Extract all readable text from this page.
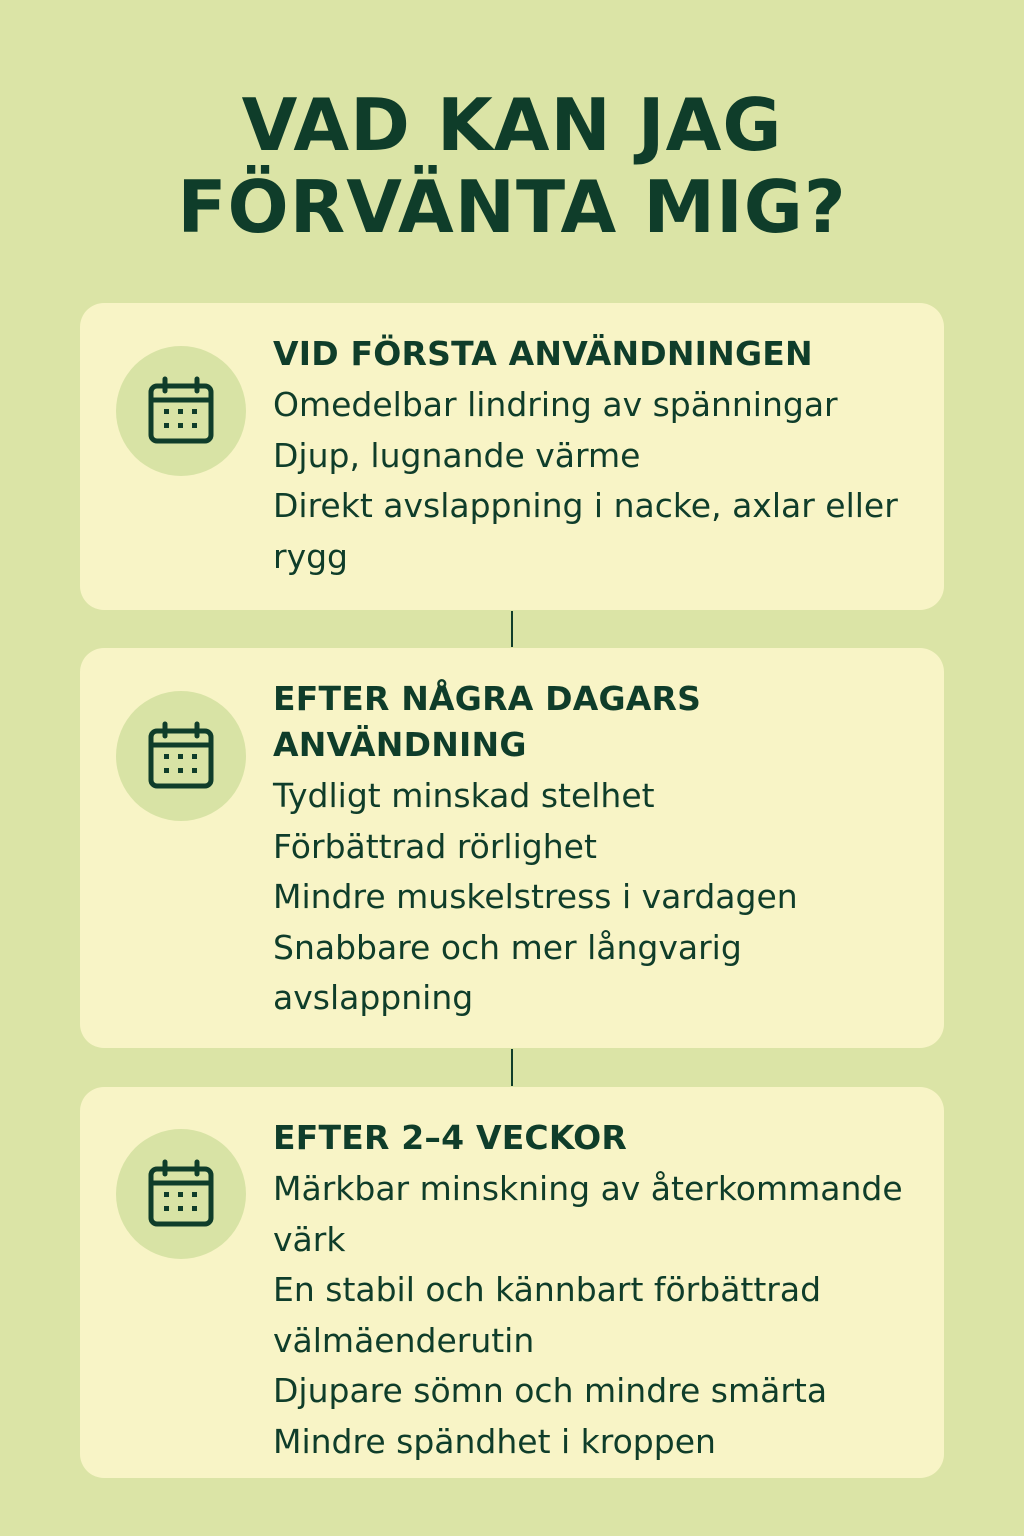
VAD KAN JAG
FÖRVÄNTA MIG?
VID FÖRSTA ANVÄNDNINGEN
Omedelbar lindring av spänningar
Djup, lugnande värme
Direkt avslappning i nacke, axlar eller rygg
EFTER NÅGRA DAGARS ANVÄNDNING
Tydligt minskad stelhet
Förbättrad rörlighet
Mindre muskelstress i vardagen
Snabbare och mer långvarig avslappning
EFTER 2–4 VECKOR
Märkbar minskning av återkommande värk
En stabil och kännbart förbättrad välmäenderutin
Djupare sömn och mindre smärta
Mindre spändhet i kroppen
